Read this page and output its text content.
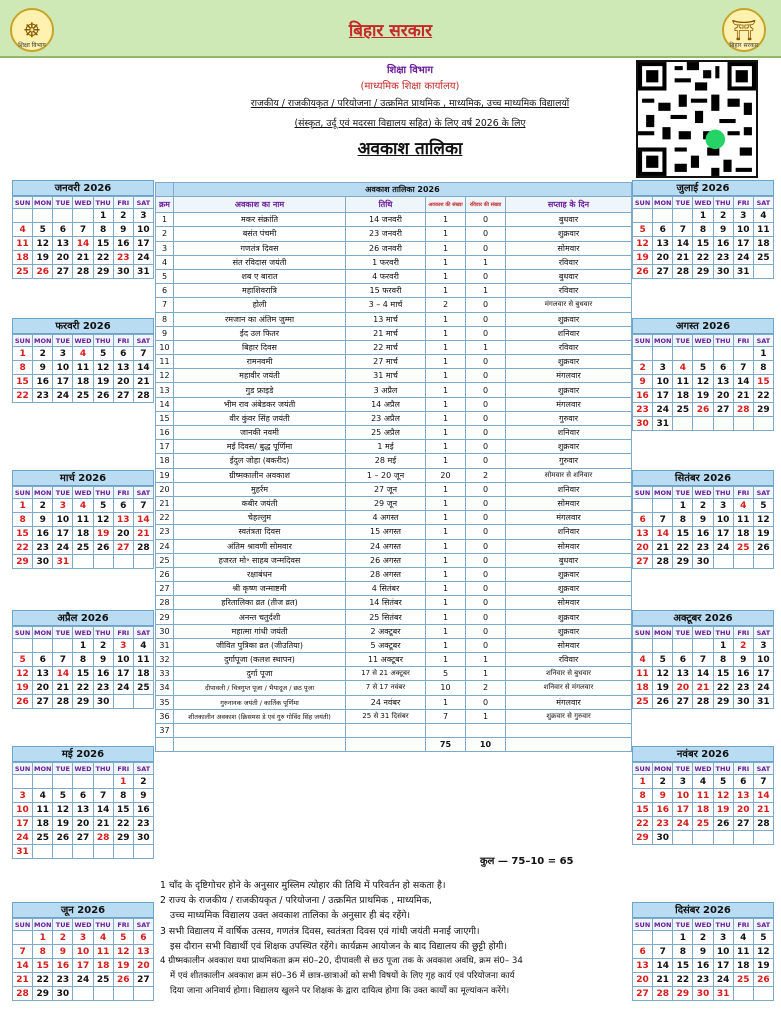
शिक्षा विभाग
☸	बिहार सरकार
बिहार सरकार
⛩
शिक्षा विभाग
(माध्यमिक शिक्षा कार्यालय)
राजकीय / राजकीयकृत / परियोजना / उत्क्रमित प्राथमिक , माध्यमिक, उच्च माध्यमिक विद्यालयों
(संस्कृत, उर्दू एवं मदरसा विद्यालय सहित) के लिए वर्ष 2026 के लिए
अवकाश तालिका
जनवरी 2026
SUN	MON	TUE	WED	THU	FRI	SAT
				1	2	3
4	5	6	7	8	9	10
11	12	13	14	15	16	17
18	19	20	21	22	23	24
25	26	27	28	29	30	31
फरवरी 2026
SUN	MON	TUE	WED	THU	FRI	SAT
1	2	3	4	5	6	7
8	9	10	11	12	13	14
15	16	17	18	19	20	21
22	23	24	25	26	27	28
मार्च 2026
SUN	MON	TUE	WED	THU	FRI	SAT
1	2	3	4	5	6	7
8	9	10	11	12	13	14
15	16	17	18	19	20	21
22	23	24	25	26	27	28
29	30	31				
अप्रैल 2026
SUN	MON	TUE	WED	THU	FRI	SAT
			1	2	3	4
5	6	7	8	9	10	11
12	13	14	15	16	17	18
19	20	21	22	23	24	25
26	27	28	29	30		
मई 2026
SUN	MON	TUE	WED	THU	FRI	SAT
					1	2
3	4	5	6	7	8	9
10	11	12	13	14	15	16
17	18	19	20	21	22	23
24	25	26	27	28	29	30
31						
जून 2026
SUN	MON	TUE	WED	THU	FRI	SAT
	1	2	3	4	5	6
7	8	9	10	11	12	13
14	15	16	17	18	19	20
21	22	23	24	25	26	27
28	29	30				
जुलाई 2026
SUN	MON	TUE	WED	THU	FRI	SAT
			1	2	3	4
5	6	7	8	9	10	11
12	13	14	15	16	17	18
19	20	21	22	23	24	25
26	27	28	29	30	31	
अगस्त 2026
SUN	MON	TUE	WED	THU	FRI	SAT
						1
2	3	4	5	6	7	8
9	10	11	12	13	14	15
16	17	18	19	20	21	22
23	24	25	26	27	28	29
30	31					
सितंबर 2026
SUN	MON	TUE	WED	THU	FRI	SAT
		1	2	3	4	5
6	7	8	9	10	11	12
13	14	15	16	17	18	19
20	21	22	23	24	25	26
27	28	29	30			
अक्टूबर 2026
SUN	MON	TUE	WED	THU	FRI	SAT
				1	2	3
4	5	6	7	8	9	10
11	12	13	14	15	16	17
18	19	20	21	22	23	24
25	26	27	28	29	30	31
नवंबर 2026
SUN	MON	TUE	WED	THU	FRI	SAT
1	2	3	4	5	6	7
8	9	10	11	12	13	14
15	16	17	18	19	20	21
22	23	24	25	26	27	28
29	30					
दिसंबर 2026
SUN	MON	TUE	WED	THU	FRI	SAT
		1	2	3	4	5
6	7	8	9	10	11	12
13	14	15	16	17	18	19
20	21	22	23	24	25	26
27	28	29	30	31		
	अवकाश तालिका 2026				
क्रम	अवकाश का नाम	तिथि	अवकाश की संख्या	रविवार की संख्या	सप्ताह के दिन
1	मकर संक्रांति	14 जनवरी	1	0	बुधवार
2	बसंत पंचमी	23 जनवरी	1	0	शुक्रवार
3	गणतंत्र दिवस	26 जनवरी	1	0	सोमवार
4	संत रविदास जयंती	1 फरवरी	1	1	रविवार
5	शब ए बारात	4 फरवरी	1	0	बुधवार
6	महाशिवरात्रि	15 फरवरी	1	1	रविवार
7	होली	3 – 4 मार्च	2	0	मंगलवार से बुधवार
8	रमजान का अंतिम जुम्मा	13 मार्च	1	0	शुक्रवार
9	ईद उल फितर	21 मार्च	1	0	शनिवार
10	बिहार दिवस	22 मार्च	1	1	रविवार
11	रामनवमी	27 मार्च	1	0	शुक्रवार
12	महावीर जयंती	31 मार्च	1	0	मंगलवार
13	गुड फ्राइडे	3 अप्रैल	1	0	शुक्रवार
14	भीम राव अंबेडकर जयंती	14 अप्रैल	1	0	मंगलवार
15	वीर कुंवर सिंह जयंती	23 अप्रैल	1	0	गुरुवार
16	जानकी नवमी	25 अप्रैल	1	0	शनिवार
17	मई दिवस/ बुद्ध पूर्णिमा	1 मई	1	0	शुक्रवार
18	ईदुल जोहा (बकरीद)	28 मई	1	0	गुरुवार
19	ग्रीष्मकालीन अवकाश	1 – 20 जून	20	2	सोमवार से शनिवार
20	मुहर्रम	27 जून	1	0	शनिवार
21	कबीर जयंती	29 जून	1	0	सोमवार
22	चेहल्लुम	4 अगस्त	1	0	मंगलवार
23	स्वतंत्रता दिवस	15 अगस्त	1	0	शनिवार
24	अंतिम श्रावणी सोमवार	24 अगस्त	1	0	सोमवार
25	हजरत मो॰ साहब जन्मदिवस	26 अगस्त	1	0	बुधवार
26	रक्षाबंधन	28 अगस्त	1	0	शुक्रवार
27	श्री कृष्ण जन्माष्टमी	4 सितंबर	1	0	शुक्रवार
28	हरितालिका व्रत (तीज व्रत)	14 सितंबर	1	0	सोमवार
29	अनन्त चतुर्दशी	25 सितंबर	1	0	शुक्रवार
30	महात्मा गांधी जयंती	2 अक्टूबर	1	0	शुक्रवार
31	जीवित पुत्रिका व्रत (जीउतिया)	5 अक्टूबर	1	0	सोमवार
32	दुर्गापूजा (कलश स्थापन)	11 अक्टूबर	1	1	रविवार
33	दुर्गा पूजा	17 से 21 अक्टूबर	5	1	शनिवार से बुधवार
34	दीपावली / चित्रगुप्त पूजा / भैयादूज / छठ पूजा	7 से 17 नवंबर	10	2	शनिवार से मंगलवार
35	गुरुनानक जयंती / कार्तिक पूर्णिमा	24 नवंबर	1	0	मंगलवार
36	शीतकालीन अवकाश (क्रिसमस डे एवं गुरु गोविंद सिंह जयंती)	25 से 31 दिसंबर	7	1	शुक्रवार से गुरुवार
37					
			75	10	
कुल — 75–10 = 65
1 चाँद के दृष्टिगोचर होने के अनुसार मुस्लिम त्योहार की तिथि में परिवर्तन हो सकता है।
2 राज्य के राजकीय / राजकीयकृत / परियोजना / उत्क्रमित प्राथमिक , माध्यमिक,
उच्च माध्यमिक विद्यालय उक्त अवकाश तालिका के अनुसार ही बंद रहेंगे।
3 सभी विद्यालय में वार्षिक उत्सव, गणतंत्र दिवस, स्वतंत्रता दिवस एवं गांधी जयंती मनाई जाएगी।
इस दौरान सभी विद्यार्थी एवं शिक्षक उपस्थित रहेंगे। कार्यक्रम आयोजन के बाद विद्यालय की छुट्टी होगी।
4 ग्रीष्मकालीन अवकाश यथा प्राथमिकता क्रम सं0–20, दीपावली से छठ पूजा तक के अवकाश अवधि, क्रम सं0– 34
में एवं शीतकालीन अवकाश क्रम सं0–36 में छात्र-छात्राओं को सभी विषयों के लिए गृह कार्य एवं परियोजना कार्य
दिया जाना अनिवार्य होगा। विद्यालय खुलने पर शिक्षक के द्वारा दायित्व होगा कि उक्त कार्यों का मूल्यांकन करेंगे।
